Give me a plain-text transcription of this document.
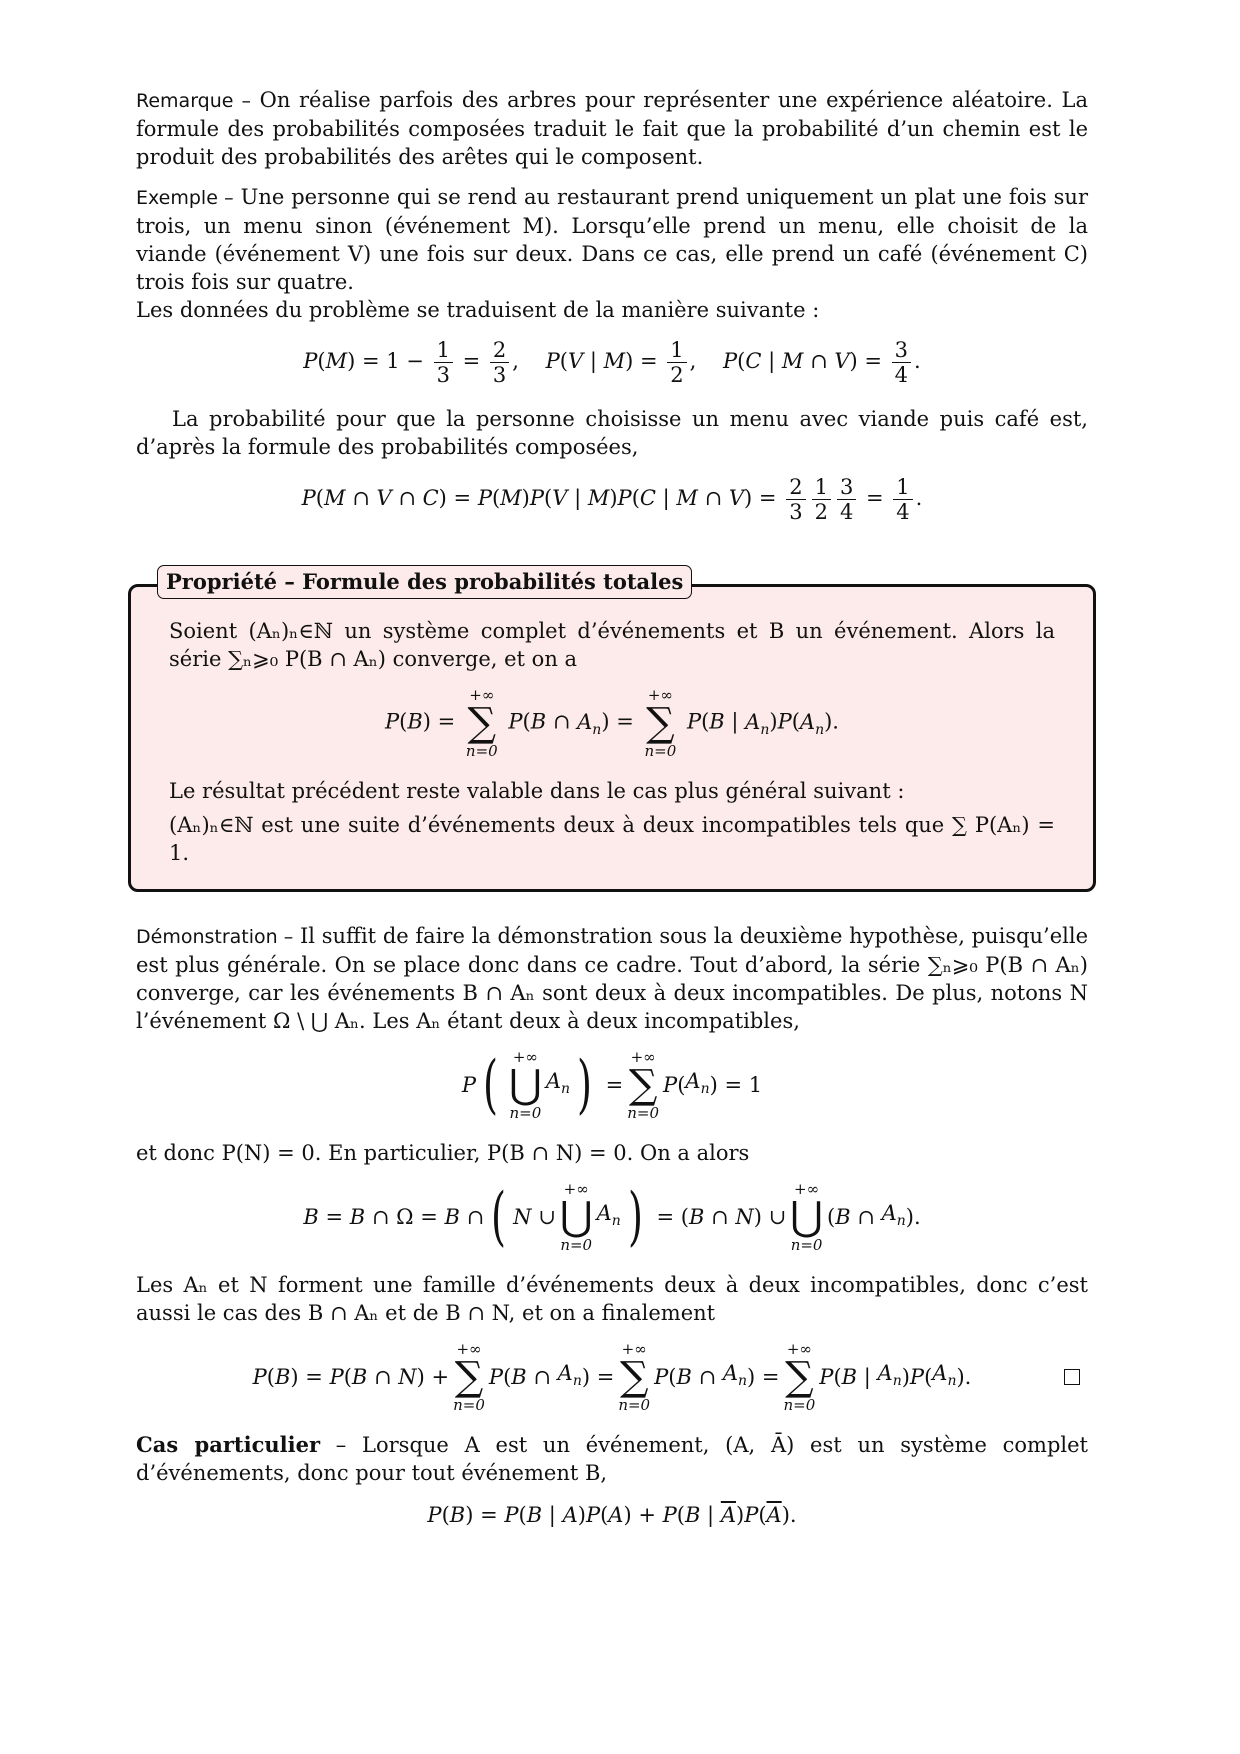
Remarque – On réalise parfois des arbres pour représenter une expérience aléatoire. La formule des probabilités composées traduit le fait que la probabilité d’un chemin est le produit des probabilités des arêtes qui le composent.

Exemple – Une personne qui se rend au restaurant prend uniquement un plat une fois sur trois, un menu sinon (événement M). Lorsqu’elle prend un menu, elle choisit de la viande (événement V) une fois sur deux. Dans ce cas, elle prend un café (événement C) trois fois sur quatre.

Les données du problème se traduisent de la manière suivante :

$P(M) = 1 - \frac{1}{3} = \frac{2}{3}$ ,    P(V | $M) = \frac{1}{2}$ ,    P(C | M ∩ $V) = \frac{3}{4}$ .

La probabilité pour que la personne choisisse un menu avec viande puis café est, d’après la formule des probabilités composées,

P(M ∩ V ∩ C) = P(M)P(V | M)P(C | M ∩ $V) = \frac{2}{3} \frac{1}{2} \frac{3}{4} = \frac{1}{4}$ .
Propriété – Formule des probabilités totales

Soient (Aₙ)ₙ∈ℕ un système complet d’événements et B un événement. Alors la série ∑ₙ⩾₀ P(B ∩ Aₙ) converge, et on a

P(B) =
+∞
∑
n=0
P(B ∩ $A_n$) =
+∞
∑
n=0
P(B | $A_n)P(A_n)$.

Le résultat précédent reste valable dans le cas plus général suivant :

(Aₙ)ₙ∈ℕ est une suite d’événements deux à deux incompatibles tels que ∑ P(Aₙ) = 1.

Démonstration – Il suffit de faire la démonstration sous la deuxième hypothèse, puisqu’elle est plus générale. On se place donc dans ce cadre. Tout d’abord, la série ∑ₙ⩾₀ P(B ∩ Aₙ) converge, car les événements B ∩ Aₙ sont deux à deux incompatibles. De plus, notons N l’événement Ω \ ⋃ Aₙ. Les Aₙ étant deux à deux incompatibles,

P ( +∞
⋃
n=0
$A_n$ ) =
+∞
∑
n=0
P ( $A_n$ ) = 1

et donc P(N) = 0. En particulier, P(B ∩ N) = 0. On a alors

B = B ∩ Ω = B ∩ ( N ∪
+∞
⋃
n=0
$A_n$ ) = ( B ∩ N ) ∪
+∞
⋃
n=0
( B ∩ $A_n$ ).

Les Aₙ et N forment une famille d’événements deux à deux incompatibles, donc c’est aussi le cas des B ∩ Aₙ et de B ∩ N, et on a finalement

P ( B ) = P ( B ∩ N ) +
+∞
∑
n=0
P ( B ∩ $A_n$ ) =
+∞
∑
n=0
P ( B ∩ $A_n$ ) =
+∞
∑
n=0
P ( B | $A_n$ ) P ( $A_n$ ).

Cas particulier – Lorsque A est un événement, (A, Ā) est un système complet d’événements, donc pour tout événement B,

P(B) = P(B | A)P(A) + P(B | $\overline{A})P(\overline{A})$.
